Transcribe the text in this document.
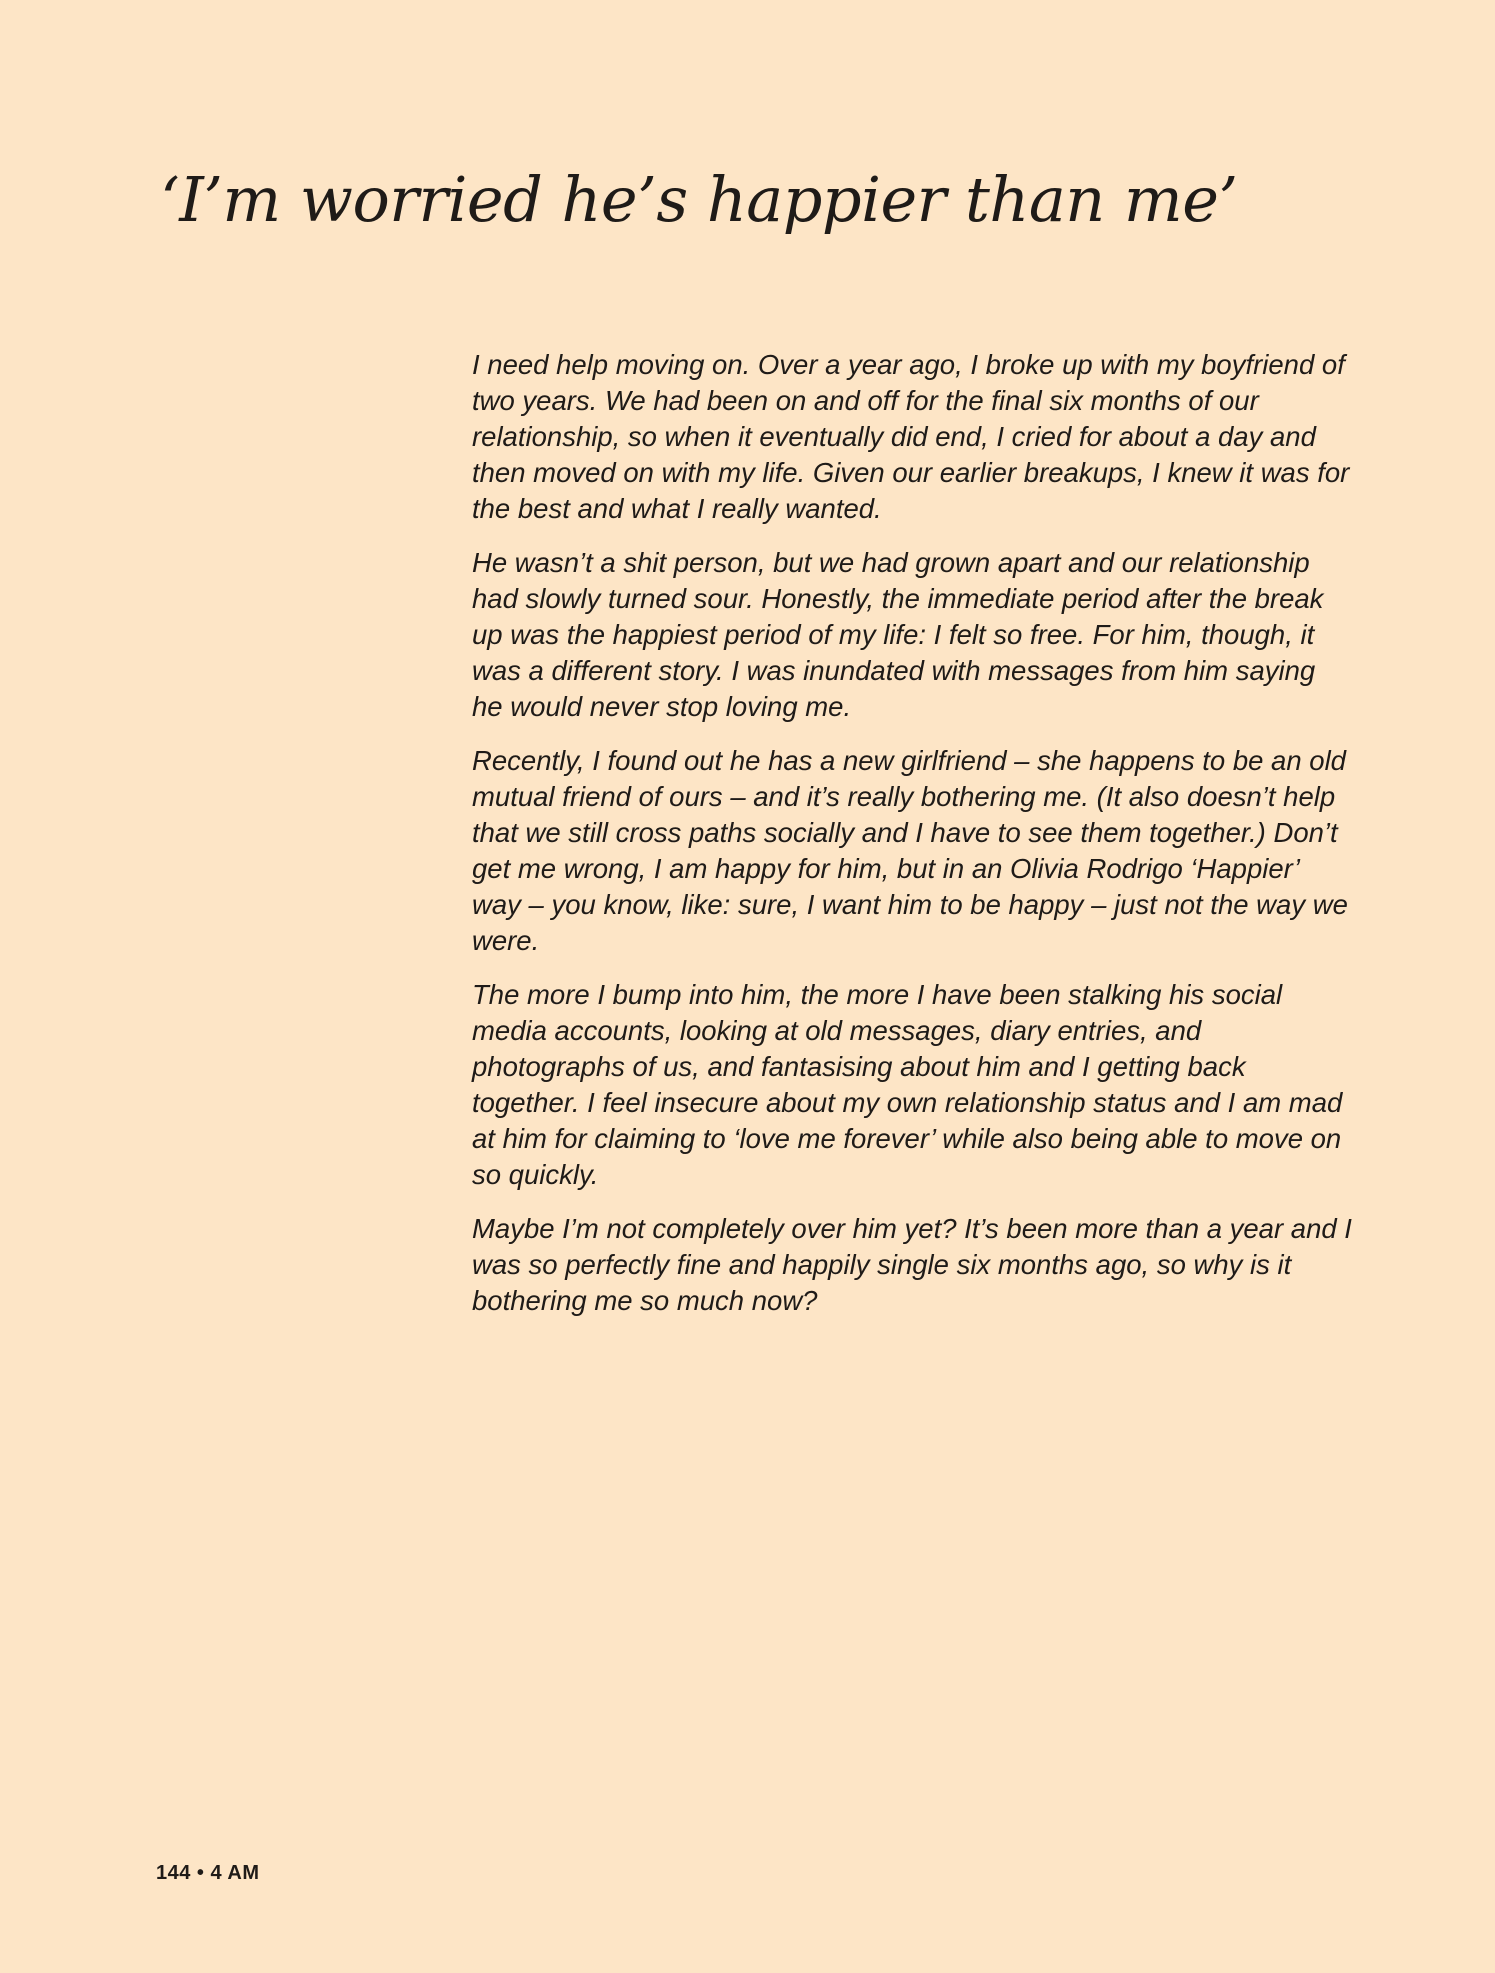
‘I’m worried he’s happier than me’

I need help moving on. Over a year ago, I broke up with my boyfriend of two years. We had been on and off for the final six months of our relationship, so when it eventually did end, I cried for about a day and then moved on with my life. Given our earlier breakups, I knew it was for the best and what I really wanted.

He wasn’t a shit person, but we had grown apart and our relationship had slowly turned sour. Honestly, the immediate period after the break up was the happiest period of my life: I felt so free. For him, though, it was a different story. I was inundated with messages from him saying he would never stop loving me.

Recently, I found out he has a new girlfriend – she happens to be an old mutual friend of ours – and it’s really bothering me. (It also doesn’t help that we still cross paths socially and I have to see them together.) Don’t get me wrong, I am happy for him, but in an Olivia Rodrigo ‘Happier’ way – you know, like: sure, I want him to be happy – just not the way we were.

The more I bump into him, the more I have been stalking his social media accounts, looking at old messages, diary entries, and photographs of us, and fantasising about him and I getting back together. I feel insecure about my own relationship status and I am mad at him for claiming to ‘love me forever’ while also being able to move on so quickly.

Maybe I’m not completely over him yet? It’s been more than a year and I was so perfectly fine and happily single six months ago, so why is it bothering me so much now?

144 • 4 AM
